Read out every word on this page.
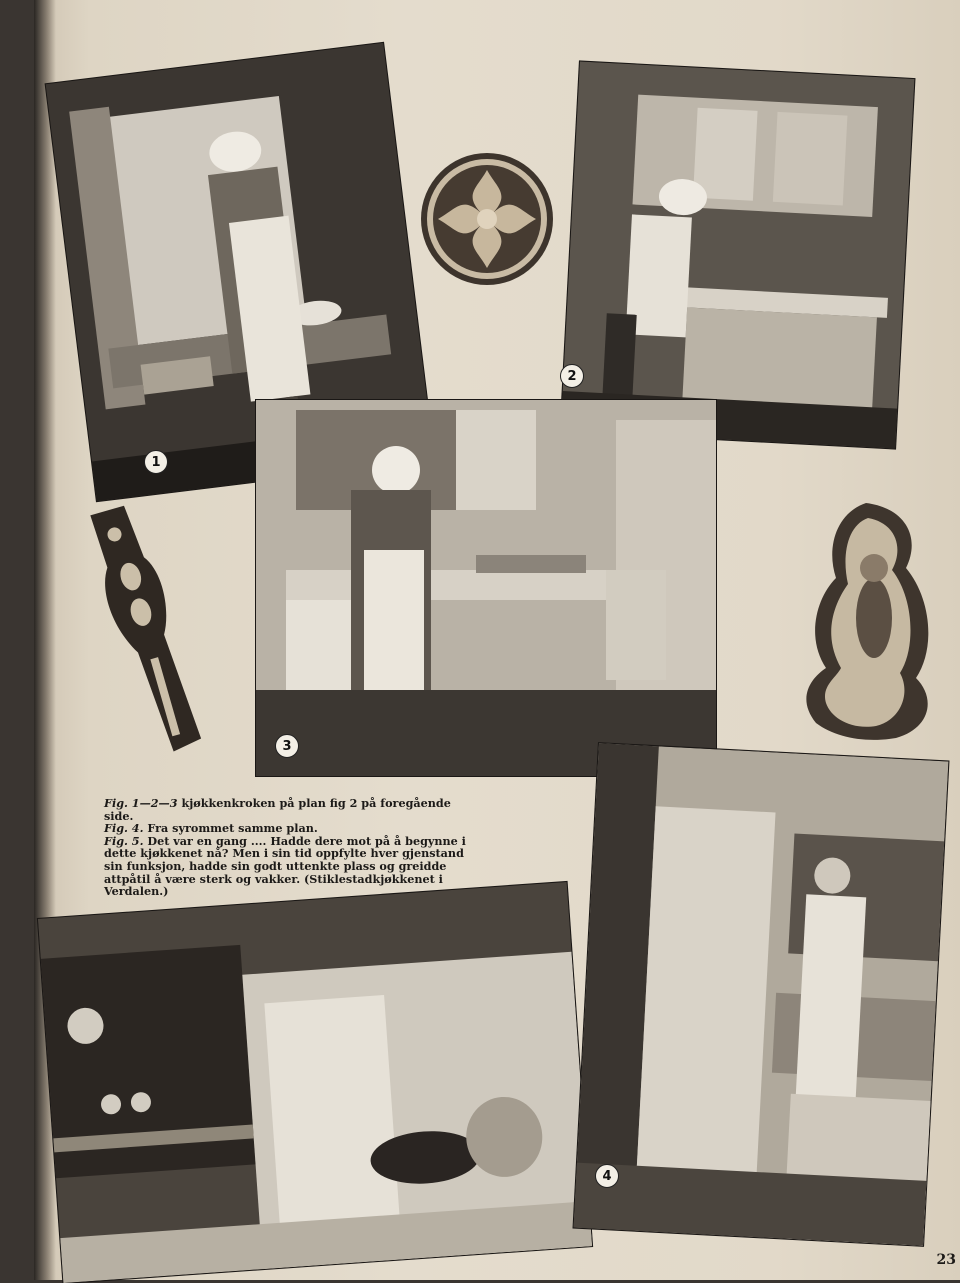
1
2
3

Fig. 1—2—3 kjøkkenkroken på plan fig 2 på foregående side.

Fig. 4. Fra syrommet samme plan.

Fig. 5. Det var en gang .... Hadde dere mot på å begynne i dette kjøkkenet nå? Men i sin tid oppfylte hver gjenstand sin funksjon, hadde sin godt uttenkte plass og greidde attpåtil å være sterk og vakker. (Stiklestadkjøkkenet i Verdalen.)

4
23
